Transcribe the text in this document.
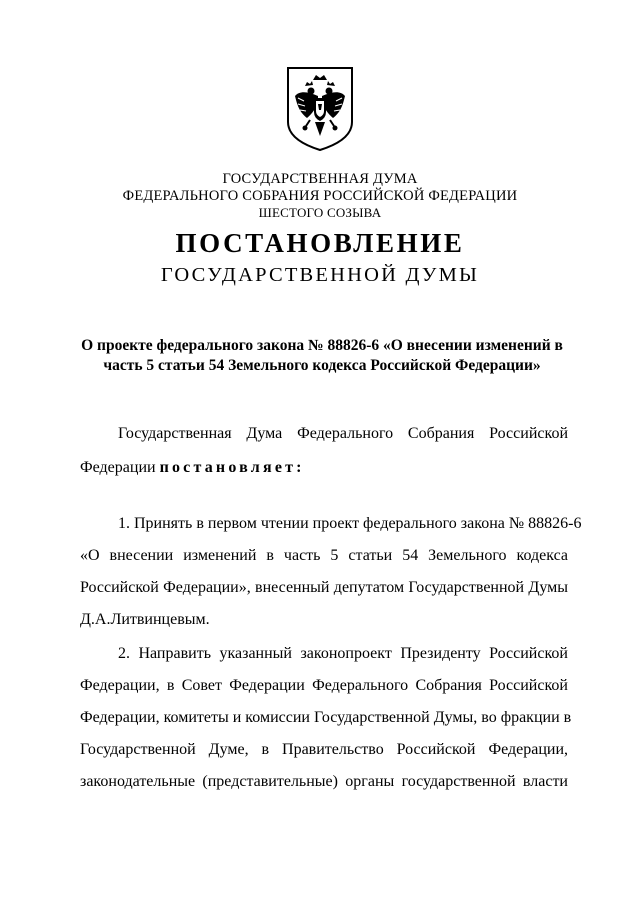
ГОСУДАРСТВЕННАЯ ДУМА
ФЕДЕРАЛЬНОГО СОБРАНИЯ РОССИЙСКОЙ ФЕДЕРАЦИИ
ШЕСТОГО СОЗЫВА
ПОСТАНОВЛЕНИЕ
ГОСУДАРСТВЕННОЙ ДУМЫ
О проекте федерального закона № 88826-6 «О внесении изменений в
часть 5 статьи 54 Земельного кодекса Российской Федерации»
Государственная Дума Федерального Собрания Российской
Федерации постановляет:
1. Принять в первом чтении проект федерального закона № 88826-6
«О внесении изменений в часть 5 статьи 54 Земельного кодекса
Российской Федерации», внесенный депутатом Государственной Думы
Д.А.Литвинцевым.
2. Направить указанный законопроект Президенту Российской
Федерации, в Совет Федерации Федерального Собрания Российской
Федерации, комитеты и комиссии Государственной Думы, во фракции в
Государственной Думе, в Правительство Российской Федерации,
законодательные (представительные) органы государственной власти
